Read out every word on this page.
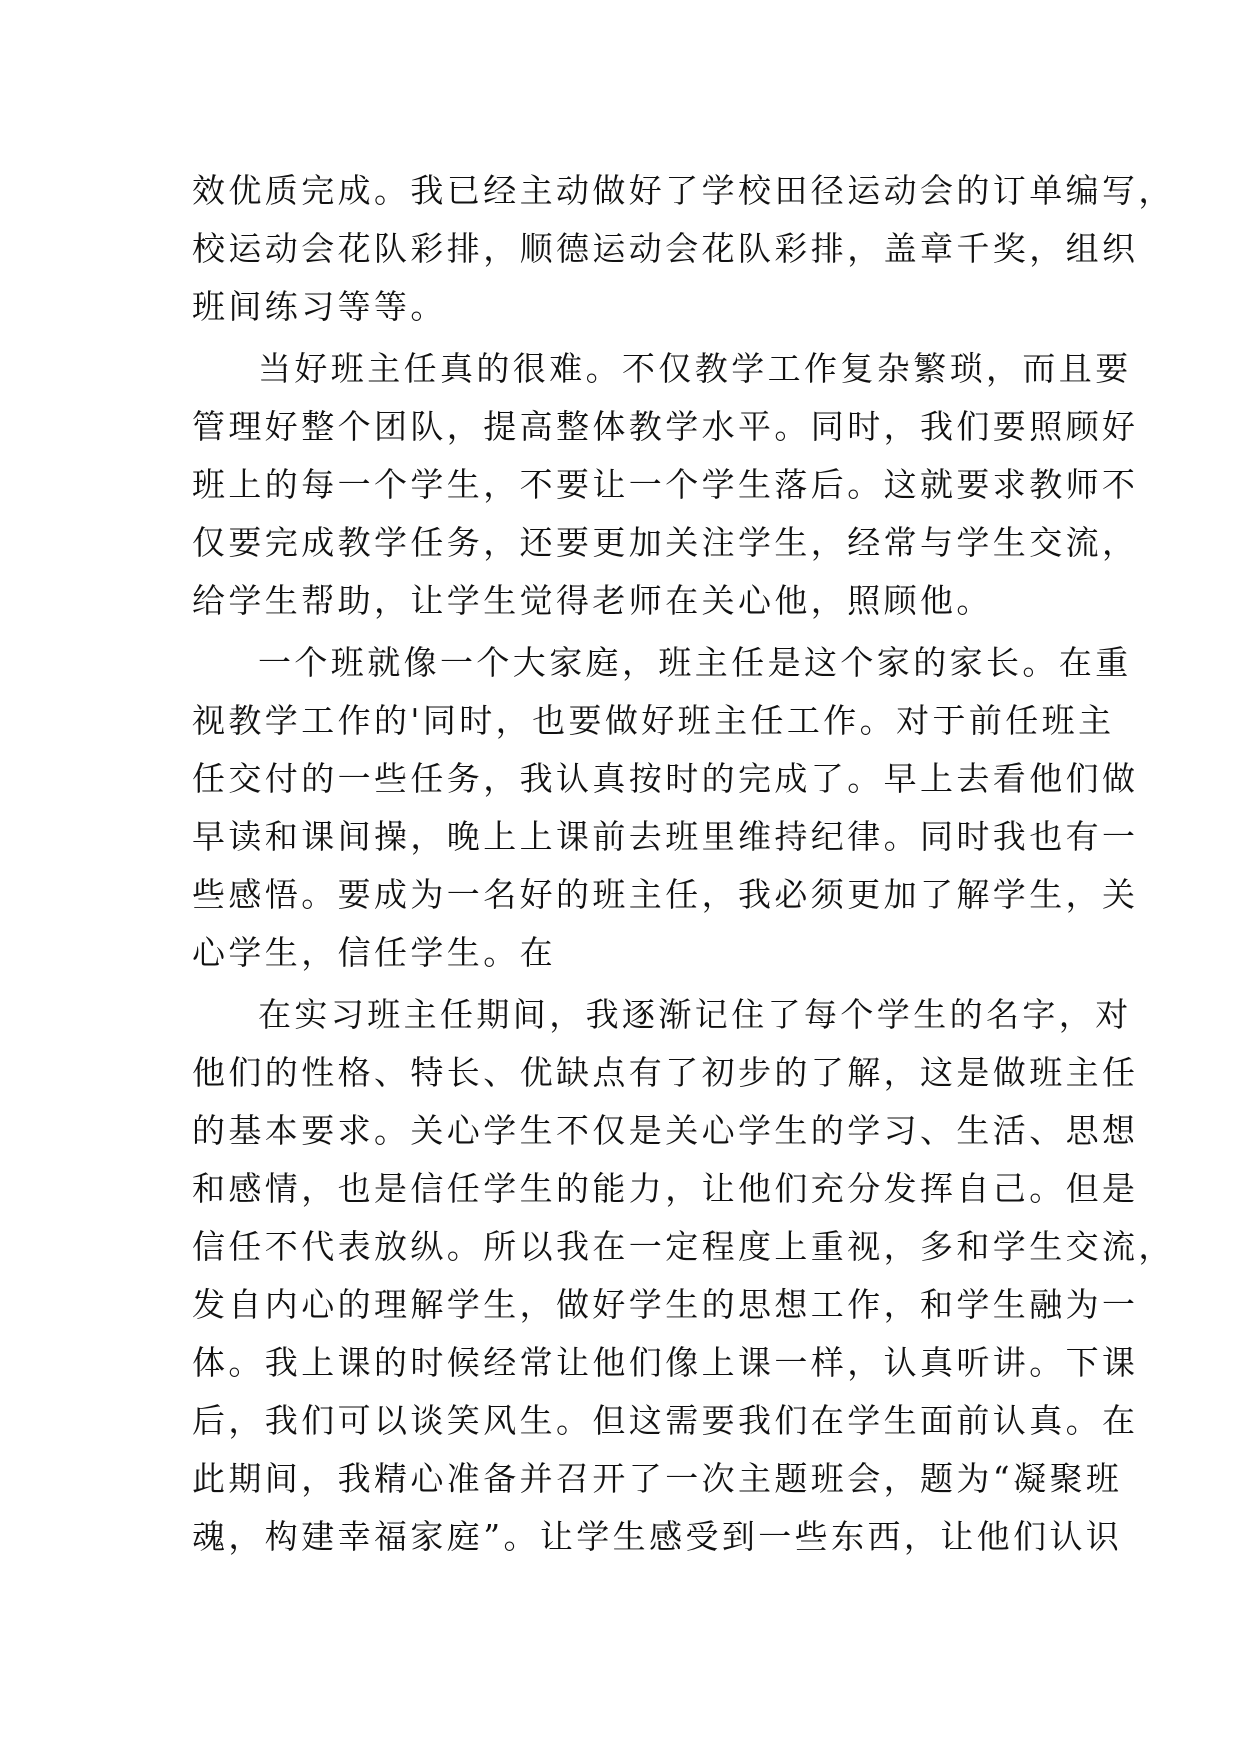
效优质完成。我已经主动做好了学校田径运动会的订单编写，
校运动会花队彩排，顺德运动会花队彩排，盖章千奖，组织
班间练习等等。
当好班主任真的很难。不仅教学工作复杂繁琐，而且要
管理好整个团队，提高整体教学水平。同时，我们要照顾好
班上的每一个学生，不要让一个学生落后。这就要求教师不
仅要完成教学任务，还要更加关注学生，经常与学生交流，
给学生帮助，让学生觉得老师在关心他，照顾他。
一个班就像一个大家庭，班主任是这个家的家长。在重
视教学工作的'同时，也要做好班主任工作。对于前任班主
任交付的一些任务，我认真按时的完成了。早上去看他们做
早读和课间操，晚上上课前去班里维持纪律。同时我也有一
些感悟。要成为一名好的班主任，我必须更加了解学生，关
心学生，信任学生。在
在实习班主任期间，我逐渐记住了每个学生的名字，对
他们的性格、特长、优缺点有了初步的了解，这是做班主任
的基本要求。关心学生不仅是关心学生的学习、生活、思想
和感情，也是信任学生的能力，让他们充分发挥自己。但是
信任不代表放纵。所以我在一定程度上重视，多和学生交流，
发自内心的理解学生，做好学生的思想工作，和学生融为一
体。我上课的时候经常让他们像上课一样，认真听讲。下课
后，我们可以谈笑风生。但这需要我们在学生面前认真。在
此期间，我精心准备并召开了一次主题班会，题为“凝聚班
魂，构建幸福家庭”。让学生感受到一些东西，让他们认识
